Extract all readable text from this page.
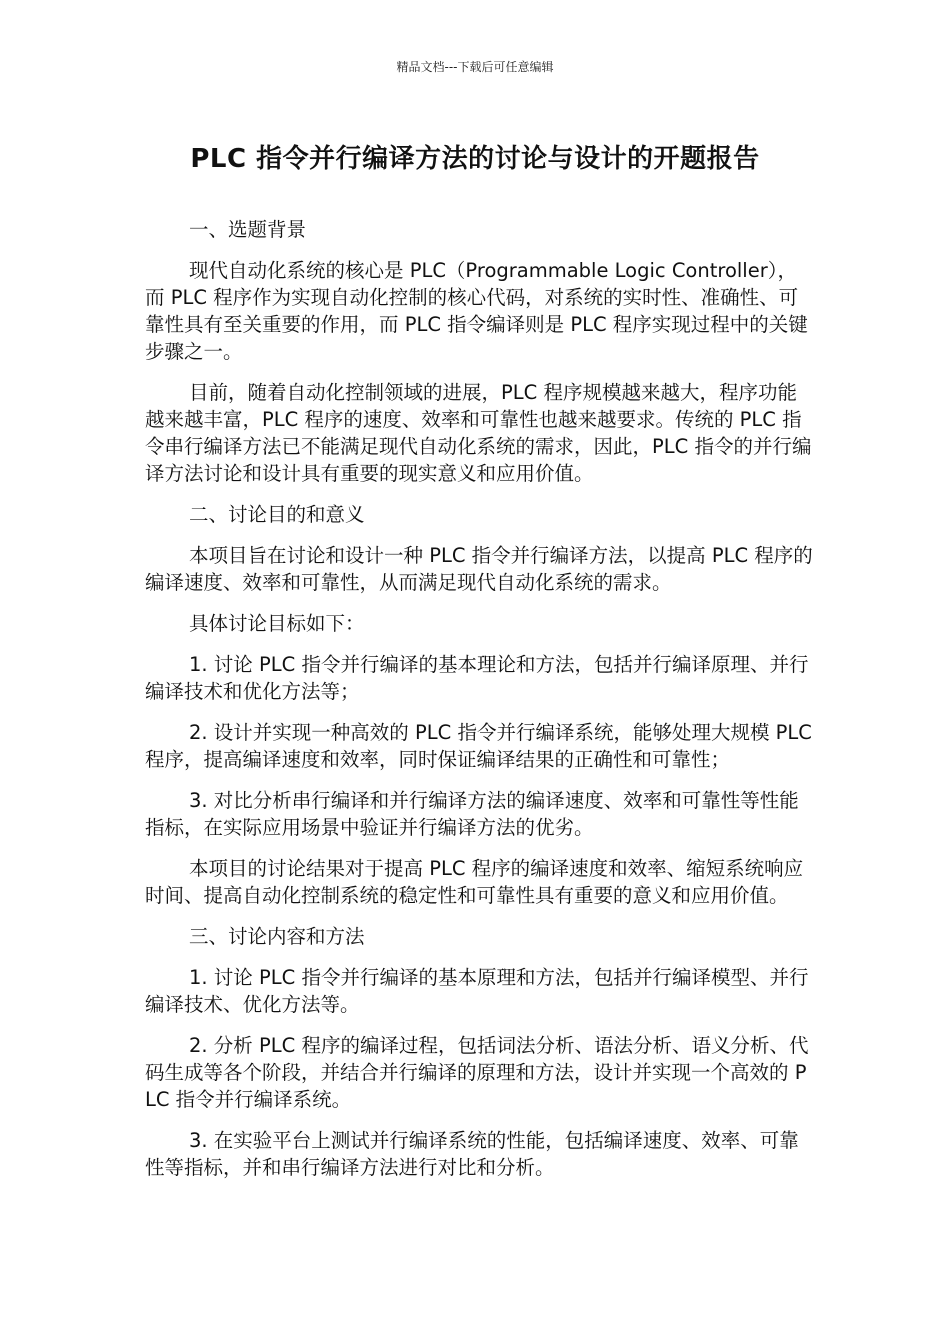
精品文档---下载后可任意编辑
PLC 指令并行编译方法的讨论与设计的开题报告

一、选题背景

现代自动化系统的核心是 PLC（Programmable Logic Controller），而 PLC 程序作为实现自动化控制的核心代码，对系统的实时性、准确性、可靠性具有至关重要的作用，而 PLC 指令编译则是 PLC 程序实现过程中的关键步骤之一。

目前，随着自动化控制领域的进展，PLC 程序规模越来越大，程序功能越来越丰富，PLC 程序的速度、效率和可靠性也越来越要求。传统的 PLC 指令串行编译方法已不能满足现代自动化系统的需求，因此，PLC 指令的并行编译方法讨论和设计具有重要的现实意义和应用价值。

二、讨论目的和意义

本项目旨在讨论和设计一种 PLC 指令并行编译方法，以提高 PLC 程序的编译速度、效率和可靠性，从而满足现代自动化系统的需求。

具体讨论目标如下：

1. 讨论 PLC 指令并行编译的基本理论和方法，包括并行编译原理、并行编译技术和优化方法等；

2. 设计并实现一种高效的 PLC 指令并行编译系统，能够处理大规模 PLC 程序，提高编译速度和效率，同时保证编译结果的正确性和可靠性；

3. 对比分析串行编译和并行编译方法的编译速度、效率和可靠性等性能指标，在实际应用场景中验证并行编译方法的优劣。

本项目的讨论结果对于提高 PLC 程序的编译速度和效率、缩短系统响应时间、提高自动化控制系统的稳定性和可靠性具有重要的意义和应用价值。

三、讨论内容和方法

1. 讨论 PLC 指令并行编译的基本原理和方法，包括并行编译模型、并行编译技术、优化方法等。

2. 分析 PLC 程序的编译过程，包括词法分析、语法分析、语义分析、代码生成等各个阶段，并结合并行编译的原理和方法，设计并实现一个高效的 PLC 指令并行编译系统。

3. 在实验平台上测试并行编译系统的性能，包括编译速度、效率、可靠性等指标，并和串行编译方法进行对比和分析。
